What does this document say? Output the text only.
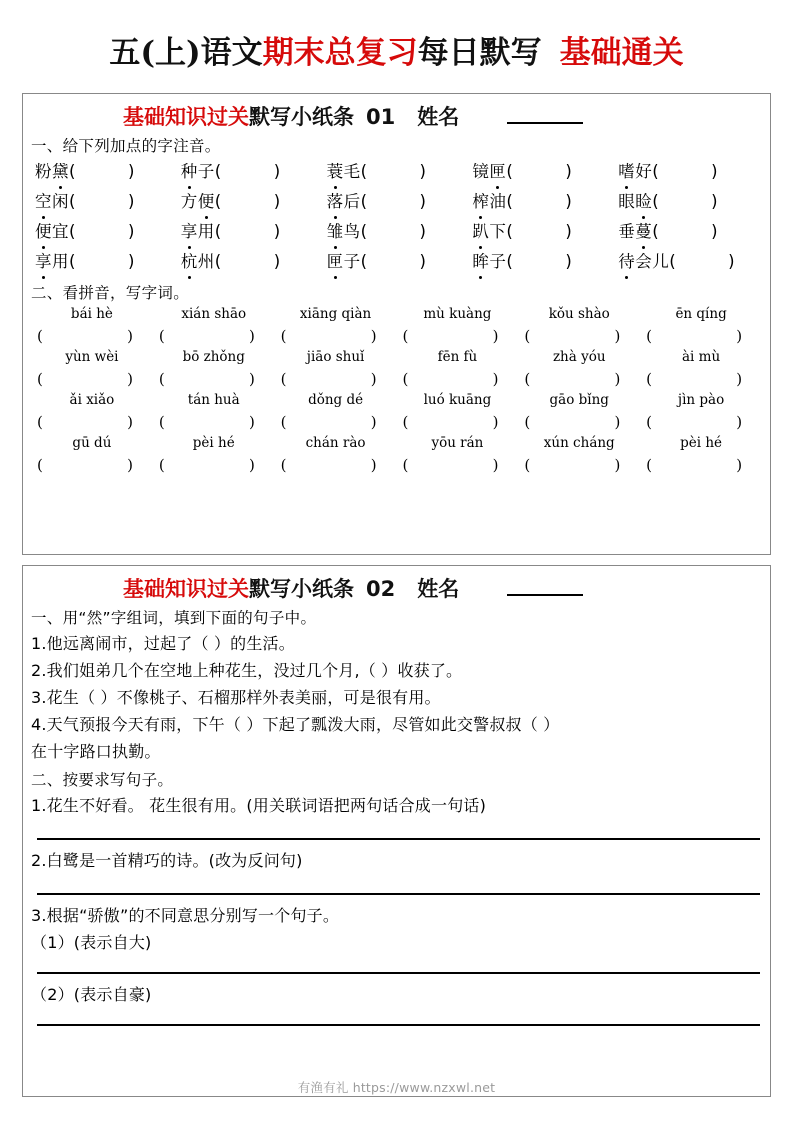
五(上)语文期末总复习每日默写 基础通关
基础知识过关 默写小纸条 01 姓名
一、给下列加点的字注音。
粉黛(	)	种子(	)	蓑毛(	)	镜匣(	)	嗜好(	)
空闲(	)	方便(	)	落后(	)	榨油(	)	眼睑(	)
便宜(	)	享用(	)	雏鸟(	)	趴下(	)	垂蔓(	)
享用(	)	杭州(	)	匣子(	)	眸子(	)	待会儿(	)
二、看拼音，写字词。
bái hè	xián shāo	xiāng qiàn	mù kuàng	kǒu shào	ēn qíng
(	)	(	)	(	)	(	)	(	)	(	)
yùn wèi	bō zhǒng	jiāo shuǐ	fēn fù	zhà yóu	ài mù
(	)	(	)	(	)	(	)	(	)	(	)
ǎi xiǎo	tán huà	dǒng dé	luó kuāng	gāo bǐng	jìn pào
(	)	(	)	(	)	(	)	(	)	(	)
gū dú	pèi hé	chán rào	yōu rán	xún cháng	pèi hé
(	)	(	)	(	)	(	)	(	)	(	)
基础知识过关 默写小纸条 02 姓名
一、用“然”字组词，填到下面的句子中。
1.他远离闹市，过起了（ ）的生活。
2.我们姐弟几个在空地上种花生，没过几个月,（ ）收获了。
3.花生（ ）不像桃子、石榴那样外表美丽，可是很有用。
4.天气预报今天有雨，下午（ ）下起了瓢泼大雨，尽管如此交警叔叔（ ）
在十字路口执勤。
二、按要求写句子。
1.花生不好看。 花生很有用。(用关联词语把两句话合成一句话)
2.白鹭是一首精巧的诗。(改为反问句)
3.根据“骄傲”的不同意思分别写一个句子。
（1）(表示自大)
（2）(表示自豪)
有渔有礼 https://www.nzxwl.net
